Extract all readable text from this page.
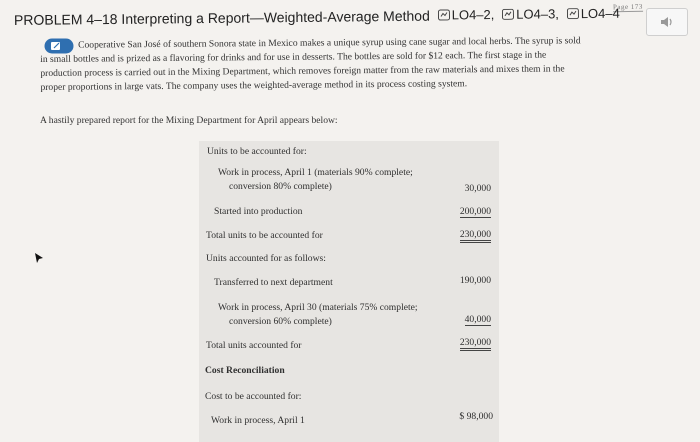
Page 173
PROBLEM 4–18 Interpreting a Report—Weighted-Average Method LO4–2,
LO4–3,
LO4–4
Cooperative San José of southern Sonora state in Mexico makes a unique syrup using cane sugar and local herbs. The syrup is sold
in small bottles and is prized as a flavoring for drinks and for use in desserts. The bottles are sold for $12 each. The first stage in the
production process is carried out in the Mixing Department, which removes foreign matter from the raw materials and mixes them in the
proper proportions in large vats. The company uses the weighted-average method in its process costing system.
A hastily prepared report for the Mixing Department for April appears below:
Units to be accounted for:
Work in process, April 1 (materials 90% complete;
conversion 80% complete)	30,000
Started into production	200,000
Total units to be accounted for	230,000
Units accounted for as follows:
Transferred to next department	190,000
Work in process, April 30 (materials 75% complete;
conversion 60% complete)	40,000
Total units accounted for	230,000
Cost Reconciliation
Cost to be accounted for:
Work in process, April 1	$ 98,000
